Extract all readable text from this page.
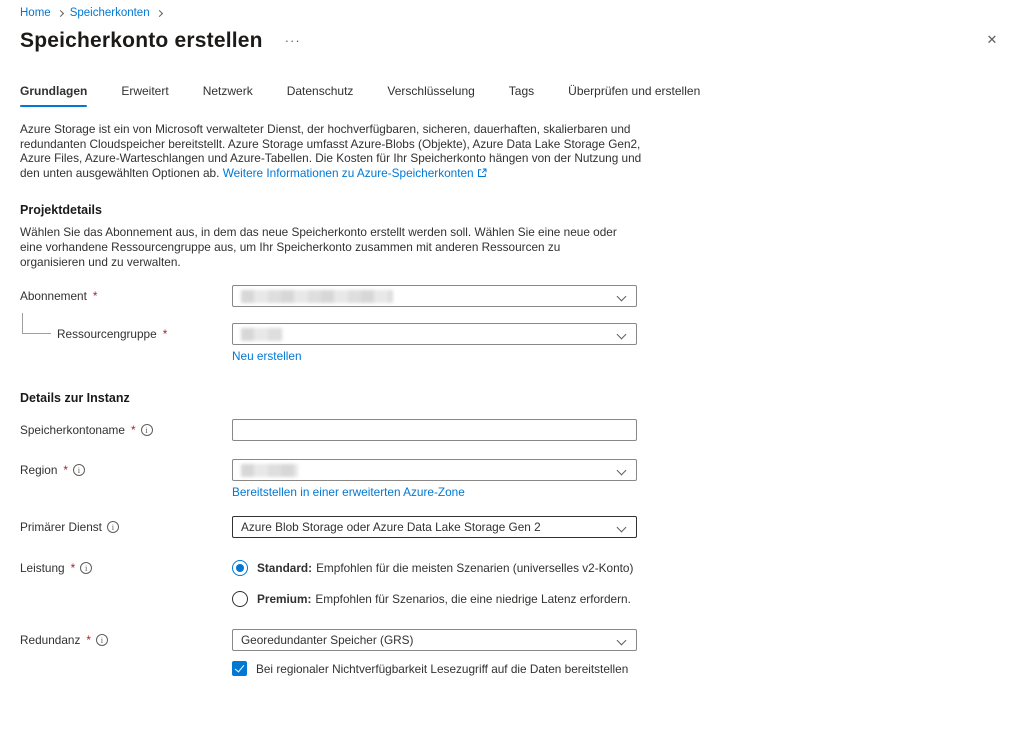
Home Speicherkonten
Speicherkonto erstellen ···	✕
Grundlagen	Erweitert	Netzwerk	Datenschutz	Verschlüsselung	Tags	Überprüfen und erstellen

Azure Storage ist ein von Microsoft verwalteter Dienst, der hochverfügbaren, sicheren, dauerhaften, skalierbaren und redundanten Cloudspeicher bereitstellt. Azure Storage umfasst Azure-Blobs (Objekte), Azure Data Lake Storage Gen2, Azure Files, Azure-Warteschlangen und Azure-Tabellen. Die Kosten für Ihr Speicherkonto hängen von der Nutzung und den unten ausgewählten Optionen ab. Weitere Informationen zu Azure-Speicherkonten

Projektdetails

Wählen Sie das Abonnement aus, in dem das neue Speicherkonto erstellt werden soll. Wählen Sie eine neue oder eine vorhandene Ressourcengruppe aus, um Ihr Speicherkonto zusammen mit anderen Ressourcen zu organisieren und zu verwalten.

Abonnement *
Ressourcengruppe *
Neu erstellen
Details zur Instanz
Speicherkontoname *	i
Region *	i
Bereitstellen in einer erweiterten Azure-Zone
Primärer Dienst	i	Azure Blob Storage oder Azure Data Lake Storage Gen 2
Leistung *	i	Standard: Empfohlen für die meisten Szenarien (universelles v2-Konto)
Premium: Empfohlen für Szenarios, die eine niedrige Latenz erfordern.
Redundanz *	i	Georedundanter Speicher (GRS)
Bei regionaler Nichtverfügbarkeit Lesezugriff auf die Daten bereitstellen
